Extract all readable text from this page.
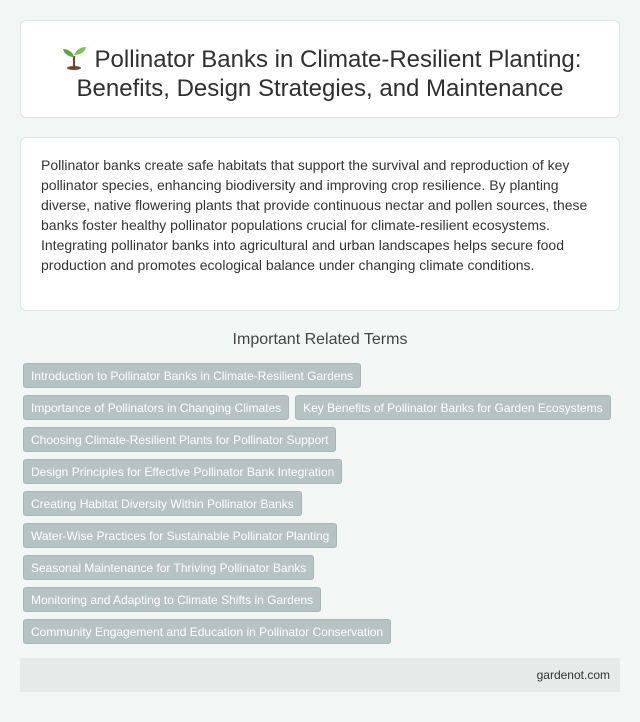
Pollinator Banks in Climate-Resilient Planting:
Benefits, Design Strategies, and Maintenance

Pollinator banks create safe habitats that support the survival and reproduction of key pollinator species, enhancing biodiversity and improving crop resilience. By planting diverse, native flowering plants that provide continuous nectar and pollen sources, these banks foster healthy pollinator populations crucial for climate-resilient ecosystems. Integrating pollinator banks into agricultural and urban landscapes helps secure food production and promotes ecological balance under changing climate conditions.

Important Related Terms
Introduction to Pollinator Banks in Climate-Resilient Gardens
Importance of Pollinators in Changing Climates Key Benefits of Pollinator Banks for Garden Ecosystems
Choosing Climate-Resilient Plants for Pollinator Support
Design Principles for Effective Pollinator Bank Integration
Creating Habitat Diversity Within Pollinator Banks
Water-Wise Practices for Sustainable Pollinator Planting
Seasonal Maintenance for Thriving Pollinator Banks
Monitoring and Adapting to Climate Shifts in Gardens
Community Engagement and Education in Pollinator Conservation
gardenot.com
